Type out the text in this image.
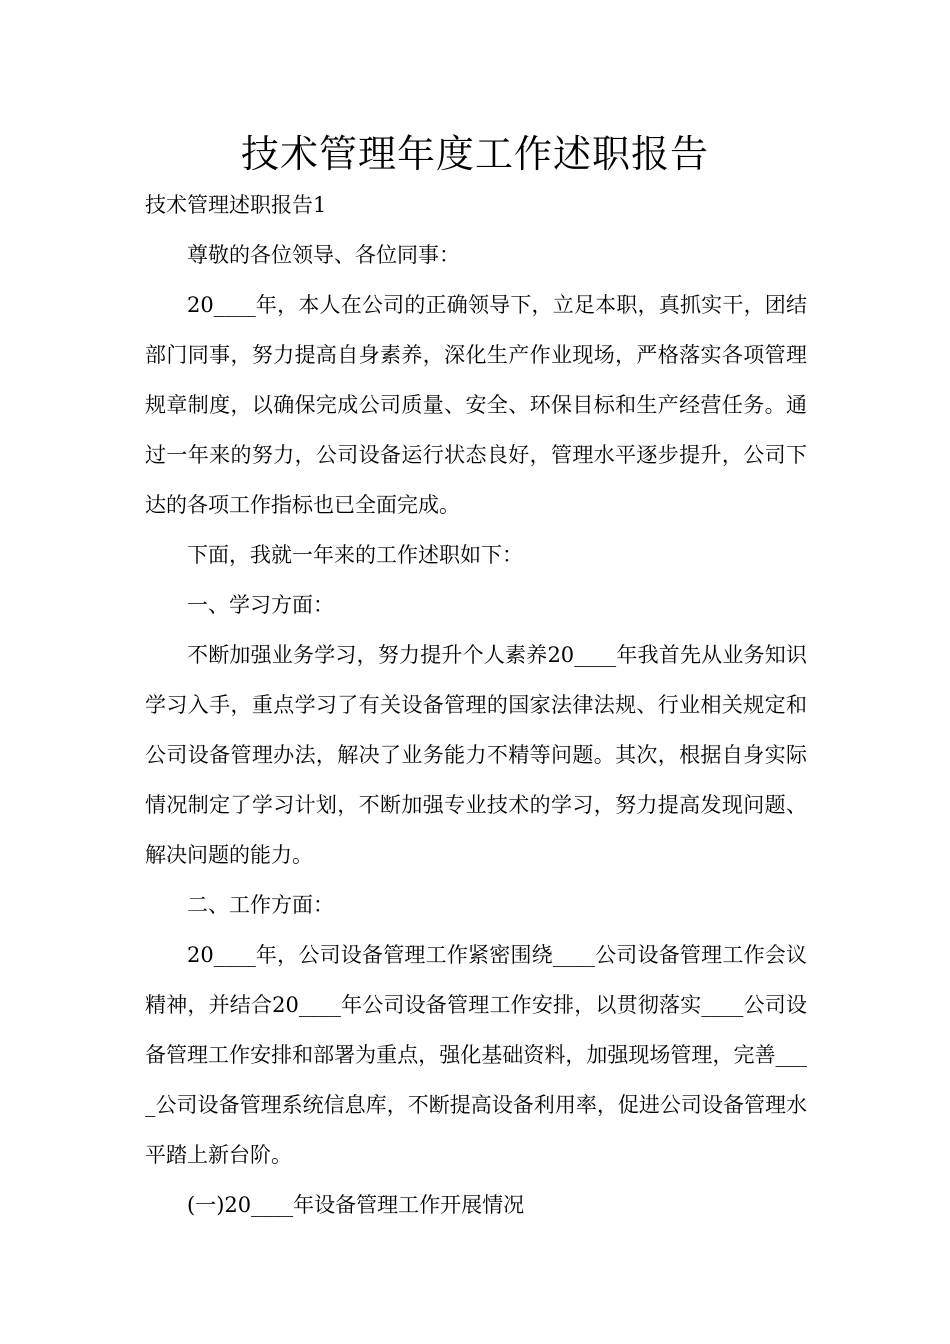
技术管理年度工作述职报告

技术管理述职报告1

尊敬的各位领导、各位同事：

20____年，本人在公司的正确领导下，立足本职，真抓实干，团结部门同事，努力提高自身素养，深化生产作业现场，严格落实各项管理规章制度，以确保完成公司质量、安全、环保目标和生产经营任务。通过一年来的努力，公司设备运行状态良好，管理水平逐步提升，公司下达的各项工作指标也已全面完成。

下面，我就一年来的工作述职如下：

一、学习方面：

不断加强业务学习，努力提升个人素养20____年我首先从业务知识学习入手，重点学习了有关设备管理的国家法律法规、行业相关规定和公司设备管理办法，解决了业务能力不精等问题。其次，根据自身实际情况制定了学习计划，不断加强专业技术的学习，努力提高发现问题、解决问题的能力。

二、工作方面：

20____年，公司设备管理工作紧密围绕____公司设备管理工作会议精神，并结合20____年公司设备管理工作安排，以贯彻落实____公司设备管理工作安排和部署为重点，强化基础资料，加强现场管理，完善____公司设备管理系统信息库，不断提高设备利用率，促进公司设备管理水平踏上新台阶。

(一)20____年设备管理工作开展情况
